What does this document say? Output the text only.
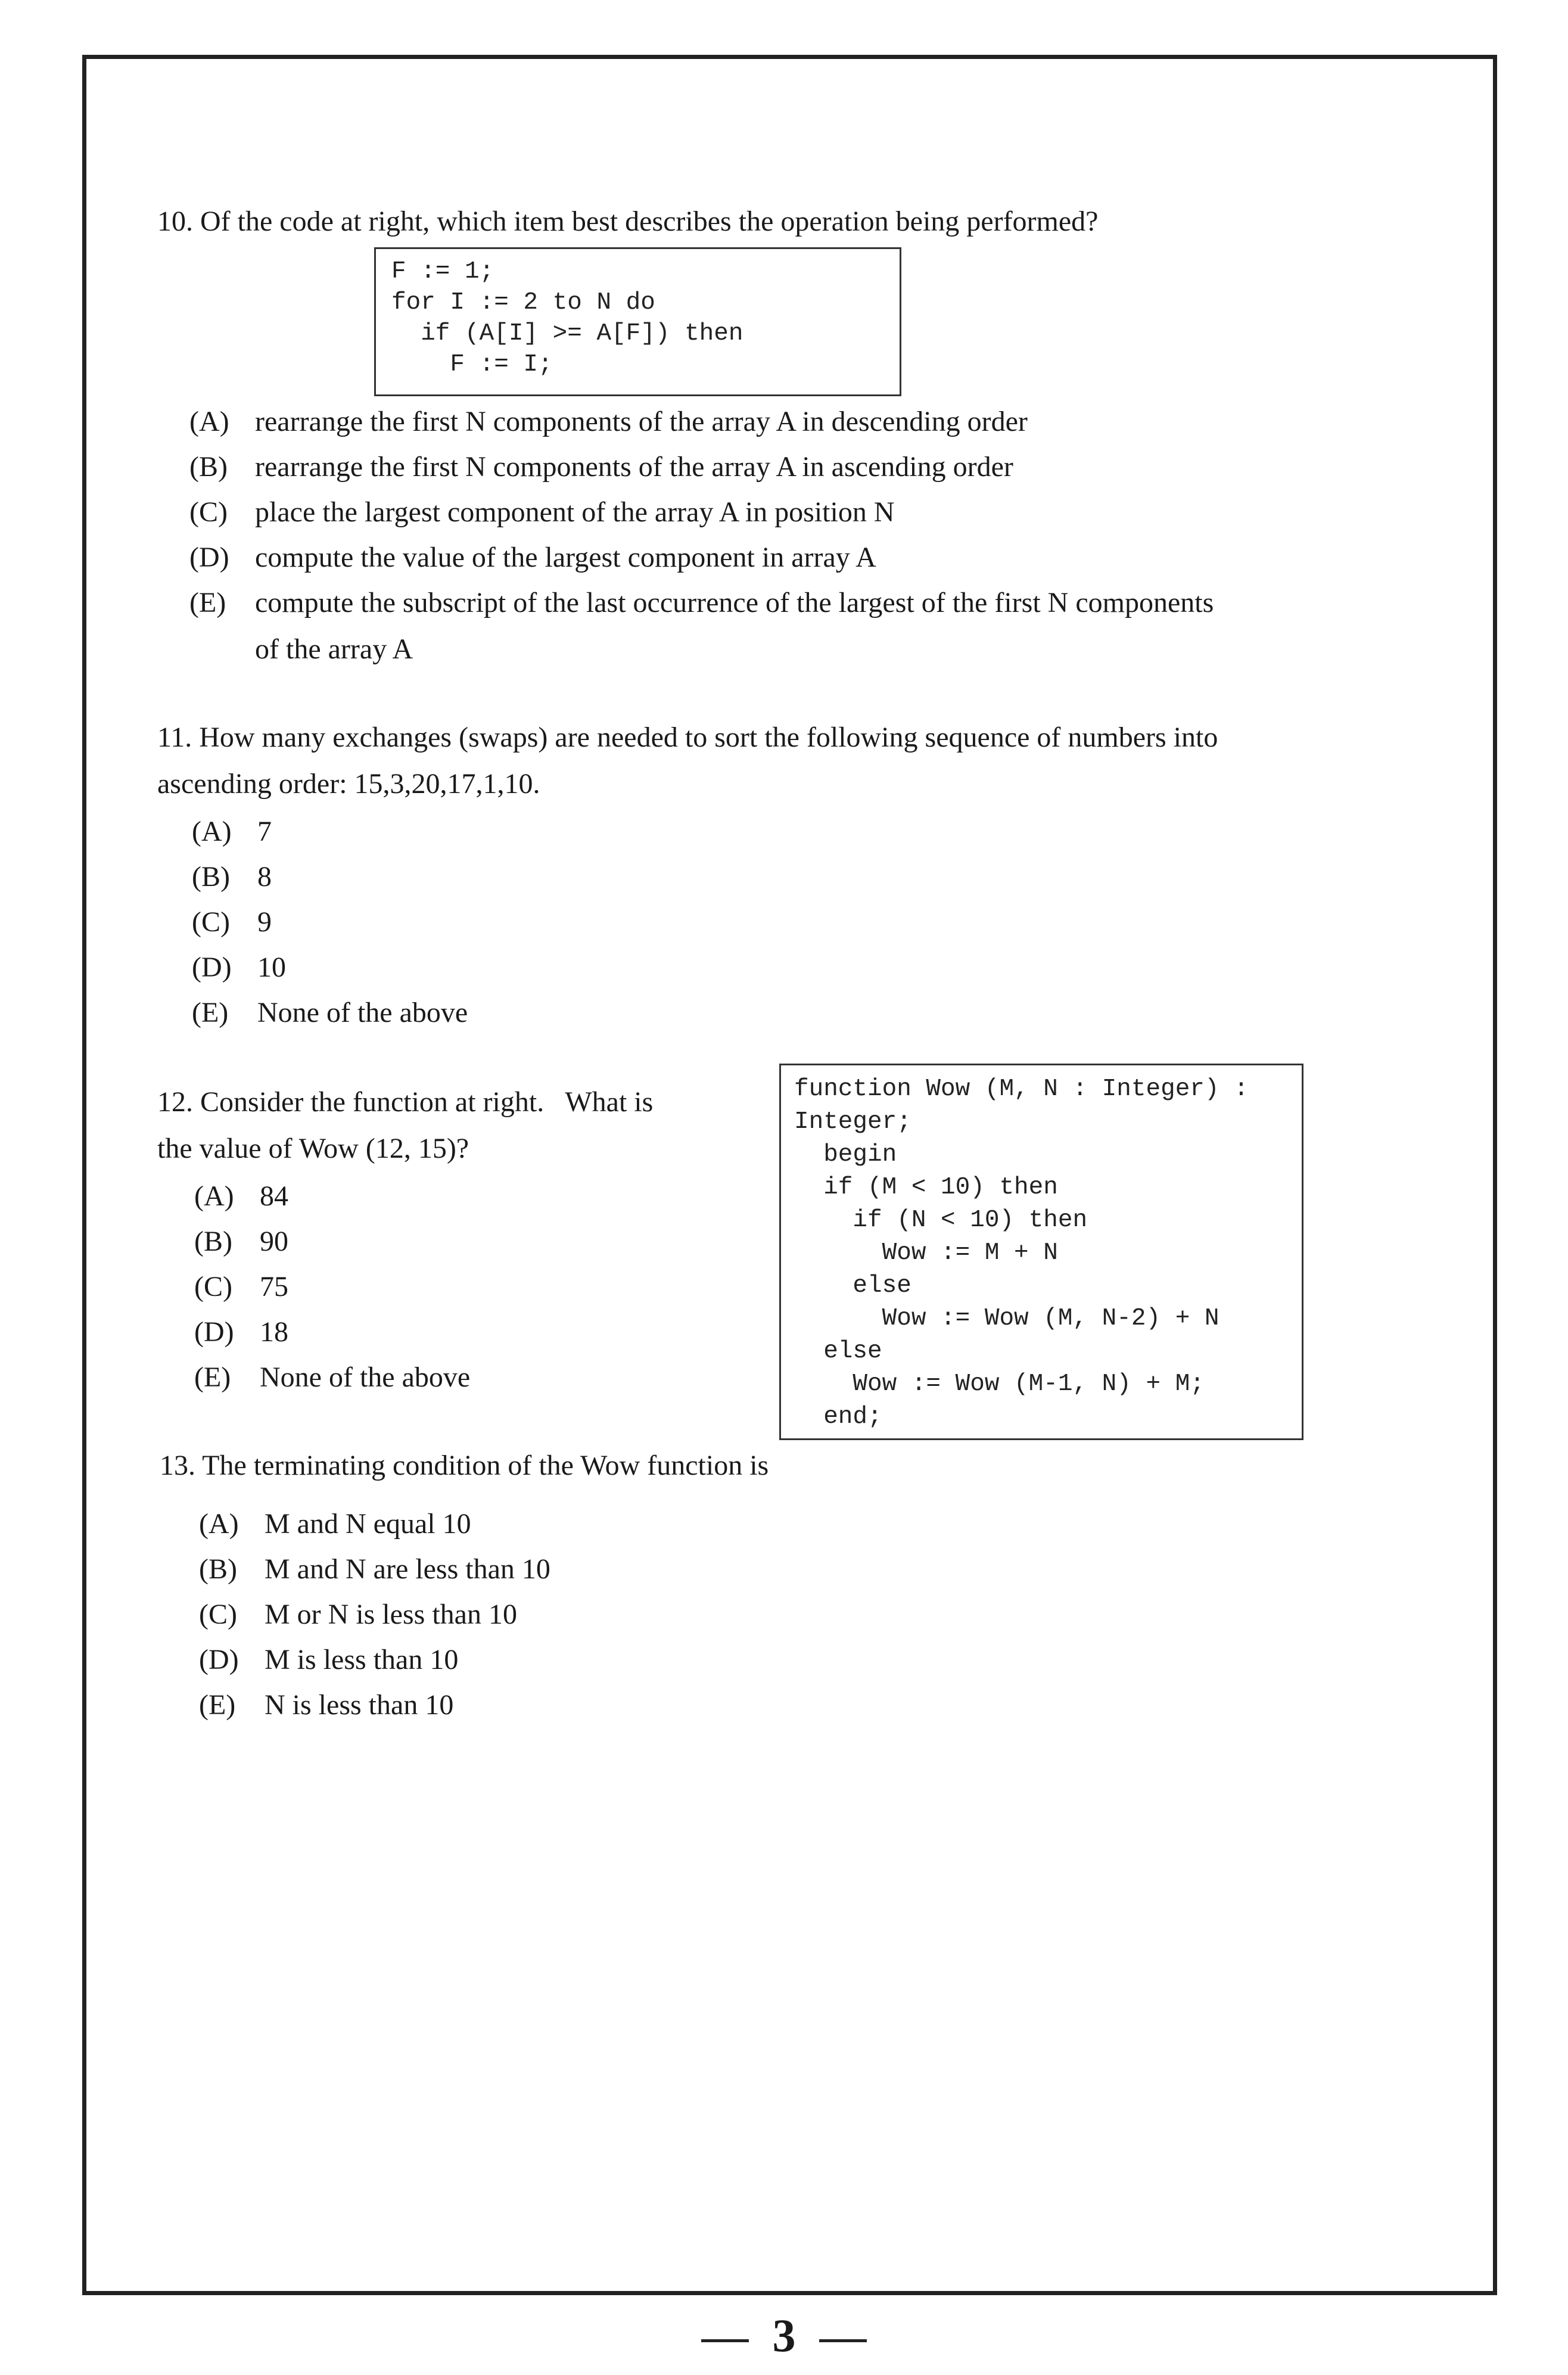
10. Of the code at right, which item best describes the operation being performed?
F := 1;
for I := 2 to N do
if (A[I] >= A[F]) then
F := I;
(A) rearrange the first N components of the array A in descending order
(B) rearrange the first N components of the array A in ascending order
(C) place the largest component of the array A in position N
(D) compute the value of the largest component in array A
(E) compute the subscript of the last occurrence of the largest of the first N components
of the array A
11. How many exchanges (swaps) are needed to sort the following sequence of numbers into
ascending order: 15,3,20,17,1,10.
(A) 7
(B) 8
(C) 9
(D) 10
(E) None of the above
12. Consider the function at right.   What is
the value of Wow (12, 15)?
function Wow (M, N : Integer) :
Integer;
begin
if (M < 10) then
if (N < 10) then
Wow := M + N
else
Wow := Wow (M, N-2) + N
else
Wow := Wow (M-1, N) + M;
end;
(A) 84
(B) 90
(C) 75
(D) 18
(E) None of the above
13. The terminating condition of the Wow function is
(A) M and N equal 10
(B) M and N are less than 10
(C) M or N is less than 10
(D) M is less than 10
(E) N is less than 10
3
